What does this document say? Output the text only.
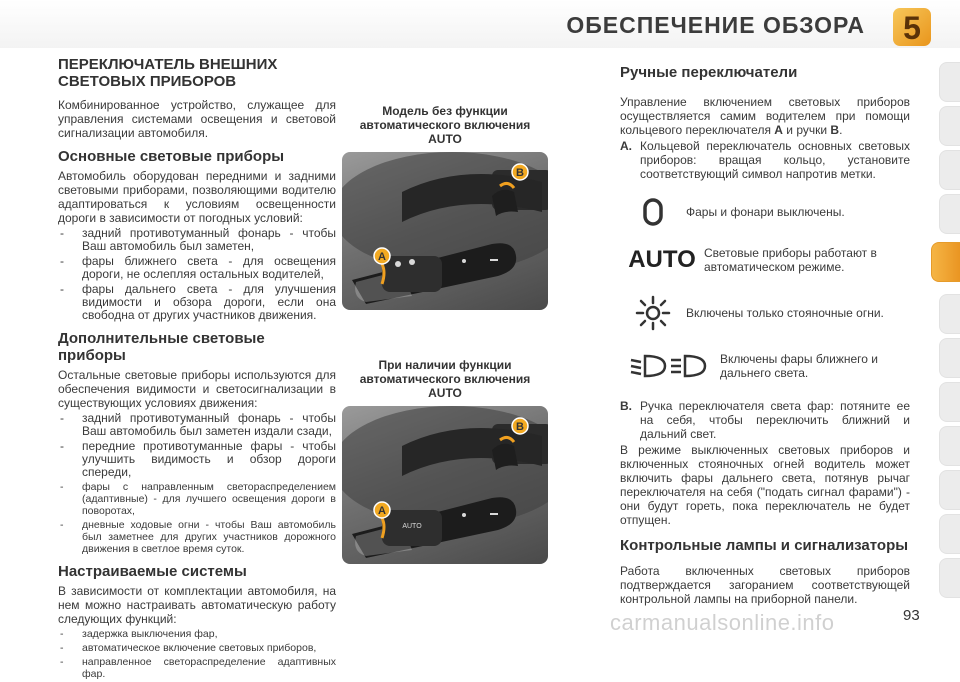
ОБЕСПЕЧЕНИЕ ОБЗОРА	5
ПЕРЕКЛЮЧАТЕЛЬ ВНЕШНИХ СВЕТОВЫХ ПРИБОРОВ

Комбинированное устройство, служащее для управления системами освещения и световой сигнализации автомобиля.

Основные световые приборы

Автомобиль оборудован передними и задними световыми приборами, позволяющими водителю адаптироваться к условиям освещенности дороги в зависимости от погодных условий:

- задний противотуманный фонарь - чтобы Ваш автомобиль был заметен,
- фары ближнего света - для освещения дороги, не ослепляя остальных водителей,
- фары дальнего света - для улучшения видимости и обзора дороги, если она свободна от других участников движения.
Дополнительные световые приборы

Остальные световые приборы используются для обеспечения видимости и светосигнализации в существующих условиях движения:

- задний противотуманный фонарь - чтобы Ваш автомобиль был заметен издали сзади,
- передние противотуманные фары - чтобы улучшить видимость и обзор дороги спереди,
- фары с направленным светораспределением (адаптивные) - для лучшего освещения дороги в поворотах,
- дневные ходовые огни - чтобы Ваш автомобиль был заметнее для других участников дорожного движения в светлое время суток.
Настраиваемые системы

В зависимости от комплектации автомобиля, на нем можно настраивать автоматическую работу следующих функций:

- задержка выключения фар,
- автоматическое включение световых приборов,
- направленное светораспределение адаптивных фар.
Модель без функции автоматического включения AUTO
A
B
При наличии функции автоматического включения AUTO
AUTO
A
B
Ручные переключатели

Управление включением световых приборов осуществляется самим водителем при помощи кольцевого переключателя A и ручки B.

A. Кольцевой переключатель основных световых приборов: вращая кольцо, установите соответствующий символ напротив метки.
Фары и фонари выключены.
AUTO Световые приборы работают в автоматическом режиме.
Включены только стояночные огни.
Включены фары ближнего и дальнего света.
B. Ручка переключателя света фар: потяните ее на себя, чтобы переключить ближний и дальний свет.

В режиме выключенных световых приборов и включенных стояночных огней водитель может включить фары дальнего света, потянув рычаг переключателя на себя ("подать сигнал фарами") - они будут гореть, пока переключатель не будет отпущен.

Контрольные лампы и сигнализаторы

Работа включенных световых приборов подтверждается загоранием соответствующей контрольной лампы на приборной панели.

carmanualsonline.info	93
